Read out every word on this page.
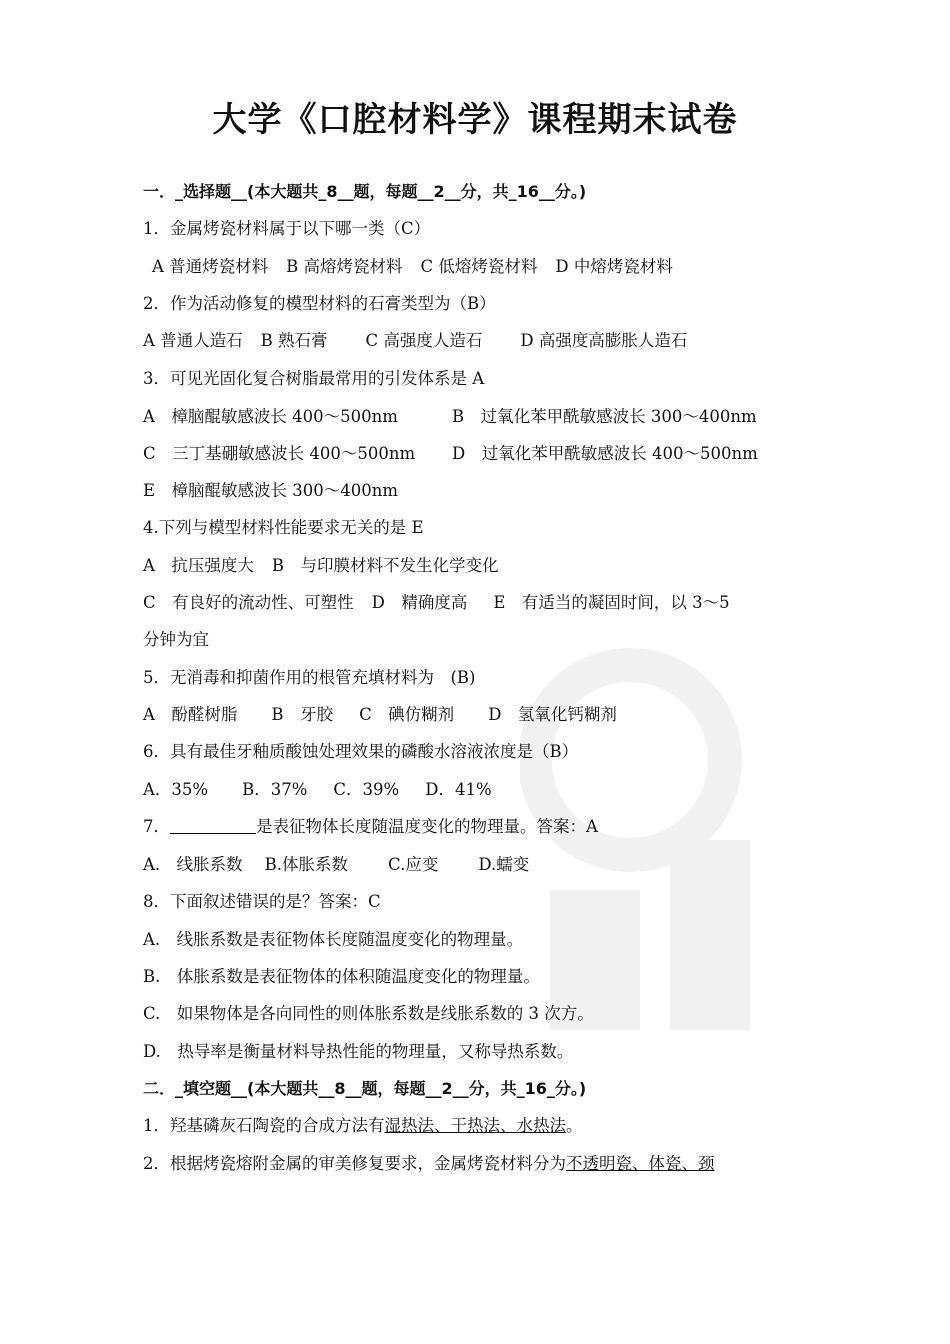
大学《口腔材料学》课程期末试卷
一．_选择题__(本大题共_8__题，每题__2__分，共_16__分。)
1．金属烤瓷材料属于以下哪一类（C）
A 普通烤瓷材料 B 高熔烤瓷材料 C 低熔烤瓷材料 D 中熔烤瓷材料
2．作为活动修复的模型材料的石膏类型为（B）
A 普通人造石 B 熟石膏 C 高强度人造石 D 高强度高膨胀人造石
3．可见光固化复合树脂最常用的引发体系是 A
A　樟脑醌敏感波长 400～500nm	B　过氧化苯甲酰敏感波长 300～400nm
C　三丁基硼敏感波长 400～500nm D　过氧化苯甲酰敏感波长 400～500nm
E　樟脑醌敏感波长 300～400nm
4.下列与模型材料性能要求无关的是 E
A　抗压强度大 B　与印膜材料不发生化学变化
C　有良好的流动性、可塑性 D　精确度高 E　有适当的凝固时间，以 3～5
分钟为宜
5．无消毒和抑菌作用的根管充填材料为　(B)
A　酚醛树脂 B　牙胶 C　碘仿糊剂 D　氢氧化钙糊剂
6．具有最佳牙釉质酸蚀处理效果的磷酸水溶液浓度是（B）
A．35% B．37% C．39% D．41%
7．	是表征物体长度随温度变化的物理量。答案：A
A.　线胀系数 B.体胀系数 C.应变 D.蠕变
8．下面叙述错误的是？答案：C
A.　线胀系数是表征物体长度随温度变化的物理量。
B.　体胀系数是表征物体的体积随温度变化的物理量。
C.　如果物体是各向同性的则体胀系数是线胀系数的 3 次方。
D.　热导率是衡量材料导热性能的物理量，又称导热系数。
二．_填空题__(本大题共__8__题，每题__2__分，共_16_分。)
1．羟基磷灰石陶瓷的合成方法有湿热法、干热法、水热法。
2．根据烤瓷熔附金属的审美修复要求，金属烤瓷材料分为不透明瓷、体瓷、颈
